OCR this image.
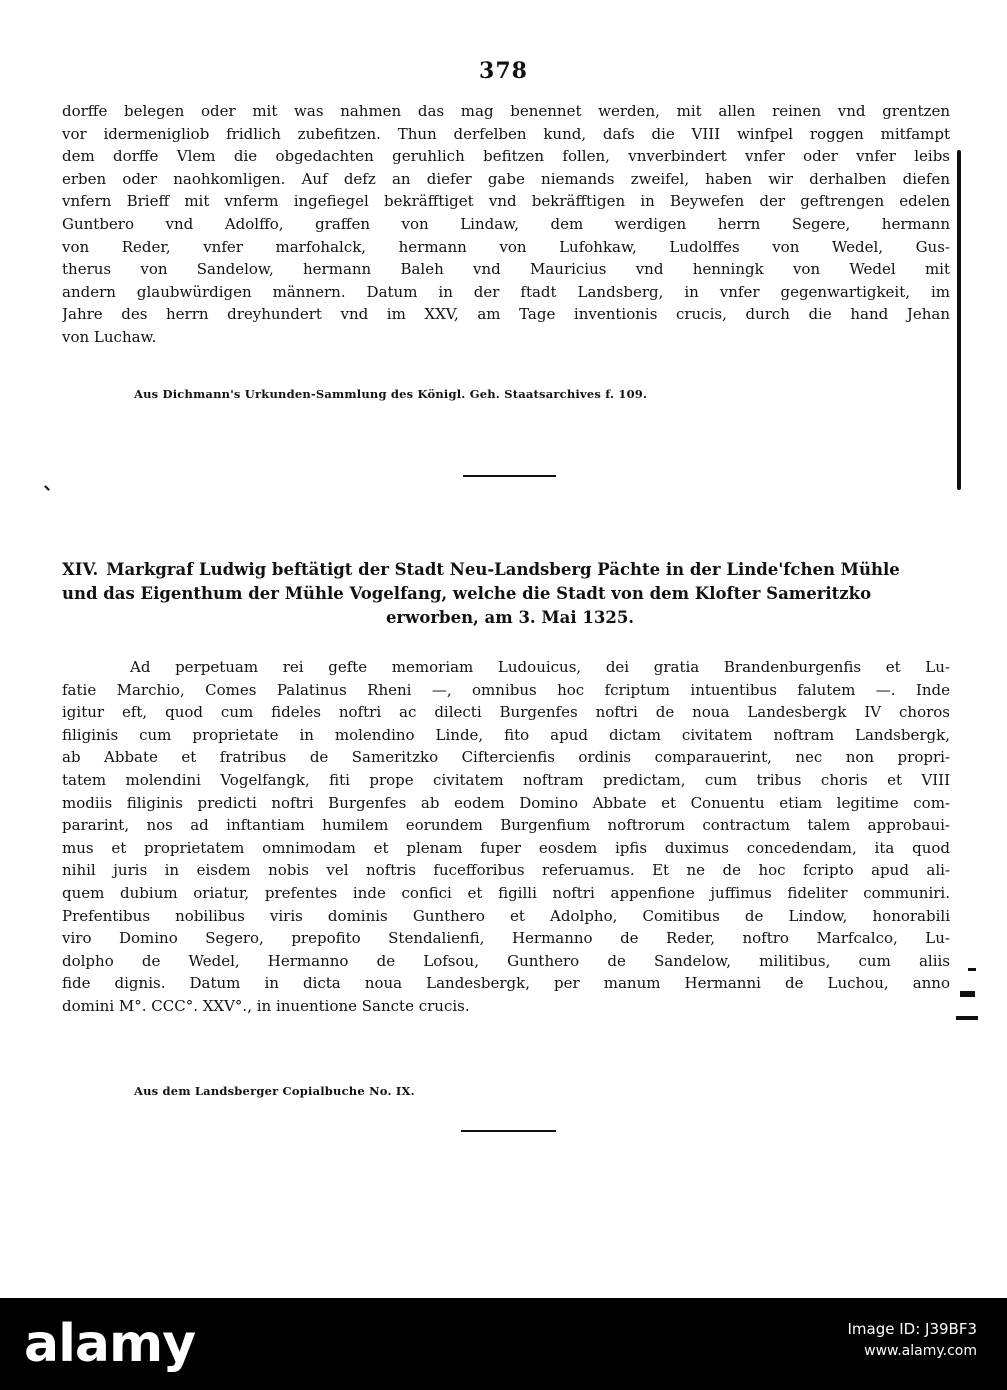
378
dorffe belegen oder mit was nahmen das mag benennet werden, mit allen reinen vnd grentzen
vor idermenigliob fridlich zubefitzen. Thun derfelben kund, dafs die VIII winfpel roggen mitfampt
dem dorffe Vlem die obgedachten geruhlich befitzen follen, vnverbindert vnfer oder vnfer leibs
erben oder naohkomligen. Auf defz an diefer gabe niemands zweifel, haben wir derhalben diefen
vnfern Brieff mit vnferm ingefiegel bekräfftiget vnd bekräfftigen in Beywefen der geftrengen edelen
Guntbero vnd Adolffo, graffen von Lindaw, dem werdigen herrn Segere, hermann
von Reder, vnfer marfohalck, hermann von Lufohkaw, Ludolffes von Wedel, Gus-
therus von Sandelow, hermann Baleh vnd Mauricius vnd henningk von Wedel mit
andern glaubwürdigen männern. Datum in der ftadt Landsberg, in vnfer gegenwartigkeit, im
Jahre des herrn dreyhundert vnd im XXV, am Tage inventionis crucis, durch die hand Jehan
von Luchaw.
Aus Dichmann's Urkunden-Sammlung des Königl. Geh. Staatsarchives f. 109.
XIV. Markgraf Ludwig beftätigt der Stadt Neu-Landsberg Pächte in der Linde'fchen Mühle
und das Eigenthum der Mühle Vogelfang, welche die Stadt von dem Klofter Sameritzko
erworben, am 3. Mai 1325.
Ad perpetuam rei gefte memoriam Ludouicus, dei gratia Brandenburgenfis et Lu-
fatie Marchio, Comes Palatinus Rheni —, omnibus hoc fcriptum intuentibus falutem —. Inde
igitur eft, quod cum fideles noftri ac dilecti Burgenfes noftri de noua Landesbergk IV choros
filiginis cum proprietate in molendino Linde, fito apud dictam civitatem noftram Landsbergk,
ab Abbate et fratribus de Sameritzko Ciftercienfis ordinis comparauerint, nec non propri-
tatem molendini Vogelfangk, fiti prope civitatem noftram predictam, cum tribus choris et VIII
modiis filiginis predicti noftri Burgenfes ab eodem Domino Abbate et Conuentu etiam legitime com-
pararint, nos ad inftantiam humilem eorundem Burgenfium noftrorum contractum talem approbaui-
mus et proprietatem omnimodam et plenam fuper eosdem ipfis duximus concedendam, ita quod
nihil juris in eisdem nobis vel noftris fucefforibus referuamus. Et ne de hoc fcripto apud ali-
quem dubium oriatur, prefentes inde confici et figilli noftri appenfione juffimus fideliter communiri.
Prefentibus nobilibus viris dominis Gunthero et Adolpho, Comitibus de Lindow, honorabili
viro Domino Segero, prepofito Stendalienfi, Hermanno de Reder, noftro Marfcalco, Lu-
dolpho de Wedel, Hermanno de Lofsou, Gunthero de Sandelow, militibus, cum aliis
fide dignis. Datum in dicta noua Landesbergk, per manum Hermanni de Luchou, anno
domini M°. CCC°. XXV°., in inuentione Sancte crucis.
Aus dem Landsberger Copialbuche No. IX.
alamy	Image ID: J39BF3
www.alamy.com
